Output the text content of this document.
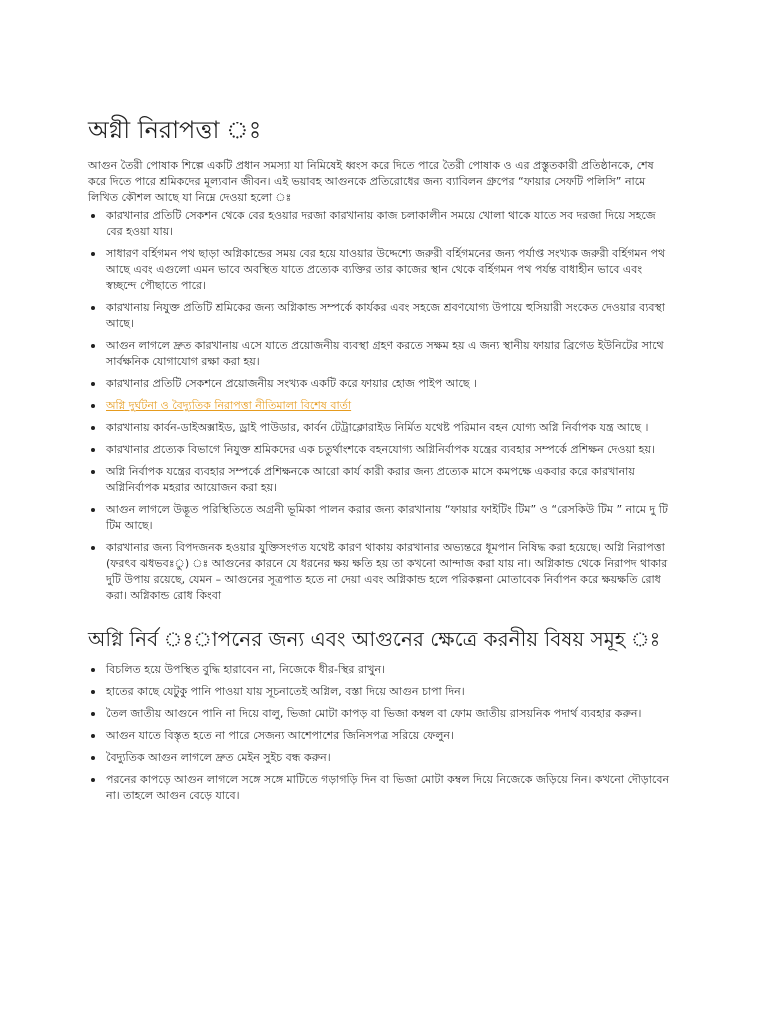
অগ্নী নিরাপত্তা ঃ

আগুন তৈরী পোষাক শিল্পে একটি প্রধান সমস্যা যা নিমিষেই ধ্বংস করে দিতে পারে তৈরী পোষাক ও এর প্রস্তুতকারী প্রতিষ্ঠানকে, শেষ করে দিতে পারে শ্রমিকদের মূল্যবান জীবন। এই ভয়াবহ আগুনকে প্রতিরোধের জন্য ব্যাবিলন গ্রুপের “ফায়ার সেফটি পলিসি” নামে লিখিত কৌশল আছে যা নিম্নে দেওয়া হলো ঃ

কারখানার প্রতিটি সেকশন থেকে বের হওয়ার দরজা কারখানায় কাজ চলাকালীন সময়ে খোলা থাকে যাতে সব দরজা দিয়ে সহজে বের হওয়া যায়।
সাধারণ বর্হিগমন পথ ছাড়া অগ্নিকান্ডের সময় বের হয়ে যাওয়ার উদ্দেশ্যে জরুরী বর্হিগমনের জন্য পর্যাপ্ত সংখ্যক জরুরী বর্হিগমন পথ আছে এবং এগুলো এমন ভাবে অবস্থিত যাতে প্রত্যেক ব্যক্তির তার কাজের স্থান থেকে বর্হিগমন পথ পর্যন্ত বাধাহীন ভাবে এবং স্বচ্ছন্দে পৌছাতে পারে।
কারখানায় নিযুক্ত প্রতিটি শ্রমিকের জন্য অগ্নিকান্ড সম্পর্কে কার্যকর এবং সহজে শ্রবণযোগ্য উপায়ে হুসিয়ারী সংকেত দেওয়ার ব্যবস্থা আছে।
আগুন লাগলে দ্রুত কারখানায় এসে যাতে প্রয়োজনীয় ব্যবস্থা গ্রহণ করতে সক্ষম হয় এ জন্য স্থানীয় ফায়ার ব্রিগেড ইউনিটের সাথে সার্বক্ষনিক যোগাযোগ রক্ষা করা হয়।
কারখানার প্রতিটি সেকশনে প্রয়োজনীয় সংখ্যক একটি করে ফায়ার হোজ পাইপ আছে ।
অগ্নি দুর্ঘটনা ও বৈদ্যুতিক নিরাপত্তা নীতিমালা বিশেষ বার্তা
কারখানায় কার্বন-ডাইঅক্সাইড, ড্রাই পাউডার, কার্বন টেট্রাক্লোরাইড নির্মিত যথেষ্ট পরিমান বহন যোগ্য অগ্নি নির্বাপক যন্ত্র আছে ।
কারখানার প্রত্যেক বিভাগে নিযুক্ত শ্রমিকদের এক চতুর্থাংশকে বহনযোগ্য অগ্নিনির্বাপক যন্ত্রের ব্যবহার সম্পর্কে প্রশিক্ষন দেওয়া হয়।
অগ্নি নির্বাপক যন্ত্রের ব্যবহার সম্পর্কে প্রশিক্ষনকে আরো কার্য কারী করার জন্য প্রত্যেক মাসে কমপক্ষে একবার করে কারখানায় অগ্নিনির্বাপক মহরার আয়োজন করা হয়।
আগুন লাগলে উদ্ভূত পরিস্থিতিতে অগ্রনী ভূমিকা পালন করার জন্য কারখানায় “ফায়ার ফাইটিং টিম” ও “রেসকিউ টিম ” নামে দু টি টিম আছে।
কারখানার জন্য বিপদজনক হওয়ার যুক্তিসংগত যথেষ্ট কারণ থাকায় কারখানার অভ্যন্তরে ধূমপান নিষিদ্ধ করা হয়েছে। অগ্নি নিরাপত্তা (ফরৎব ঝধভবঃু) ঃ আগুনের কারনে যে ধরনের ক্ষয় ক্ষতি হয় তা কখনো আন্দাজ করা যায় না। অগ্নিকান্ড থেকে নিরাপদ থাকার দুটি উপায় রয়েছে, যেমন – আগুনের সূত্রপাত হতে না দেয়া এবং অগ্নিকান্ড হলে পরিকল্পনা মোতাবেক নির্বাপন করে ক্ষয়ক্ষতি রোধ করা। অগ্নিকান্ড রোধ কিংবা
অগ্নি নির্ব ঃাপনের জন্য এবং আগুনের ক্ষেত্রে করনীয় বিষয় সমূহ ঃ
বিচলিত হয়ে উপস্থিত বুদ্ধি হারাবেন না, নিজেকে ধীর-স্থির রাখুন।
হাতের কাছে যেটুকু পানি পাওয়া যায় সূচনাতেই অগ্নিল, বস্তা দিয়ে আগুন চাপা দিন।
তৈল জাতীয় আগুনে পানি না দিয়ে বালু, ভিজা মোটা কাপড় বা ভিজা কম্বল বা ফোম জাতীয় রাসয়নিক পদার্থ ব্যবহার করুন।
আগুন যাতে বিস্তৃত হতে না পারে সেজন্য আশেপাশের জিনিসপত্র সরিয়ে ফেলুন।
বৈদ্যুতিক আগুন লাগলে দ্রুত মেইন সুইচ বন্ধ করুন।
পরনের কাপড়ে আগুন লাগলে সঙ্গে সঙ্গে মাটিতে গড়াগড়ি দিন বা ভিজা মোটা কম্বল দিয়ে নিজেকে জড়িয়ে নিন। কখনো দৌড়াবেন না। তাহলে আগুন বেড়ে যাবে।
